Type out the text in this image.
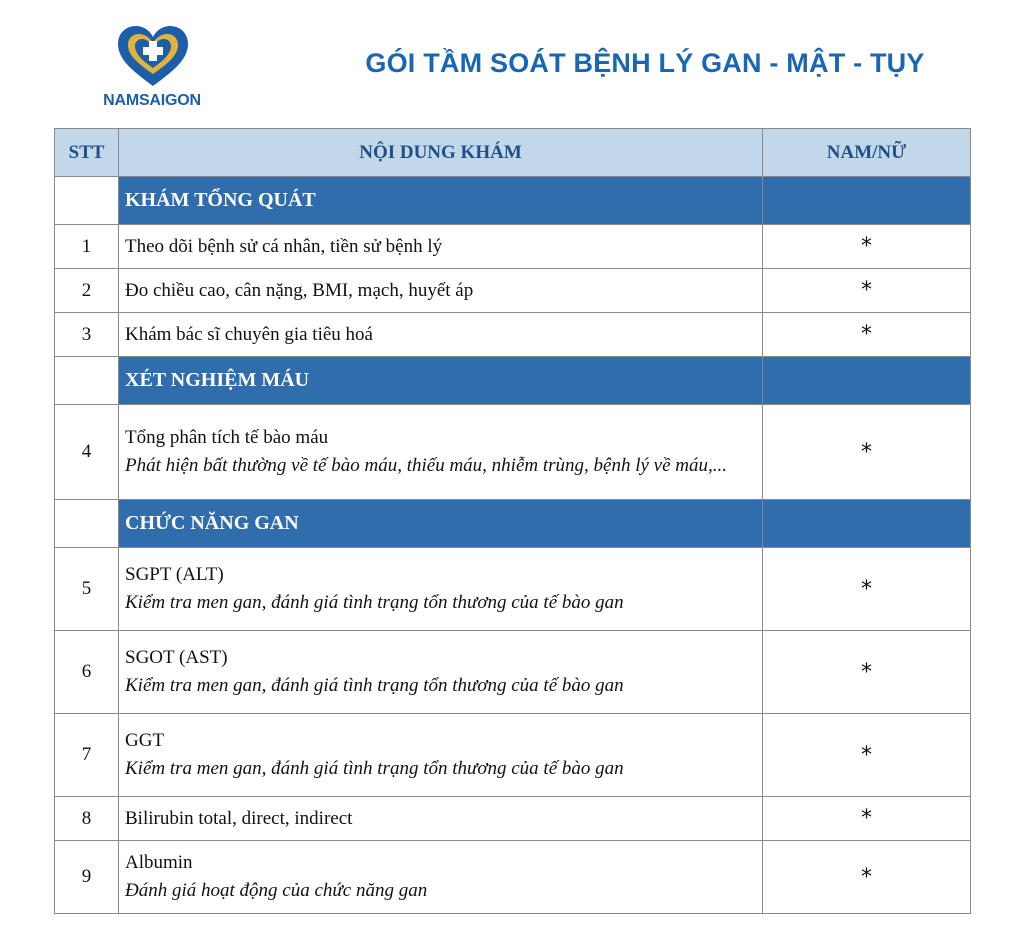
NAMSAIGON
GÓI TẦM SOÁT BỆNH LÝ GAN - MẬT - TỤY
STT	NỘI DUNG KHÁM	NAM/NỮ
	KHÁM TỔNG QUÁT	
1	Theo dõi bệnh sử cá nhân, tiền sử bệnh lý	*
2	Đo chiều cao, cân nặng, BMI, mạch, huyết áp	*
3	Khám bác sĩ chuyên gia tiêu hoá	*
	XÉT NGHIỆM MÁU	
4	Tổng phân tích tế bào máu
Phát hiện bất thường về tế bào máu, thiếu máu, nhiễm trùng, bệnh lý về máu,...	*
	CHỨC NĂNG GAN	
5	SGPT (ALT)
Kiểm tra men gan, đánh giá tình trạng tổn thương của tế bào gan	*
6	SGOT (AST)
Kiểm tra men gan, đánh giá tình trạng tổn thương của tế bào gan	*
7	GGT
Kiểm tra men gan, đánh giá tình trạng tổn thương của tế bào gan	*
8	Bilirubin total, direct, indirect	*
9	Albumin
Đánh giá hoạt động của chức năng gan	*
